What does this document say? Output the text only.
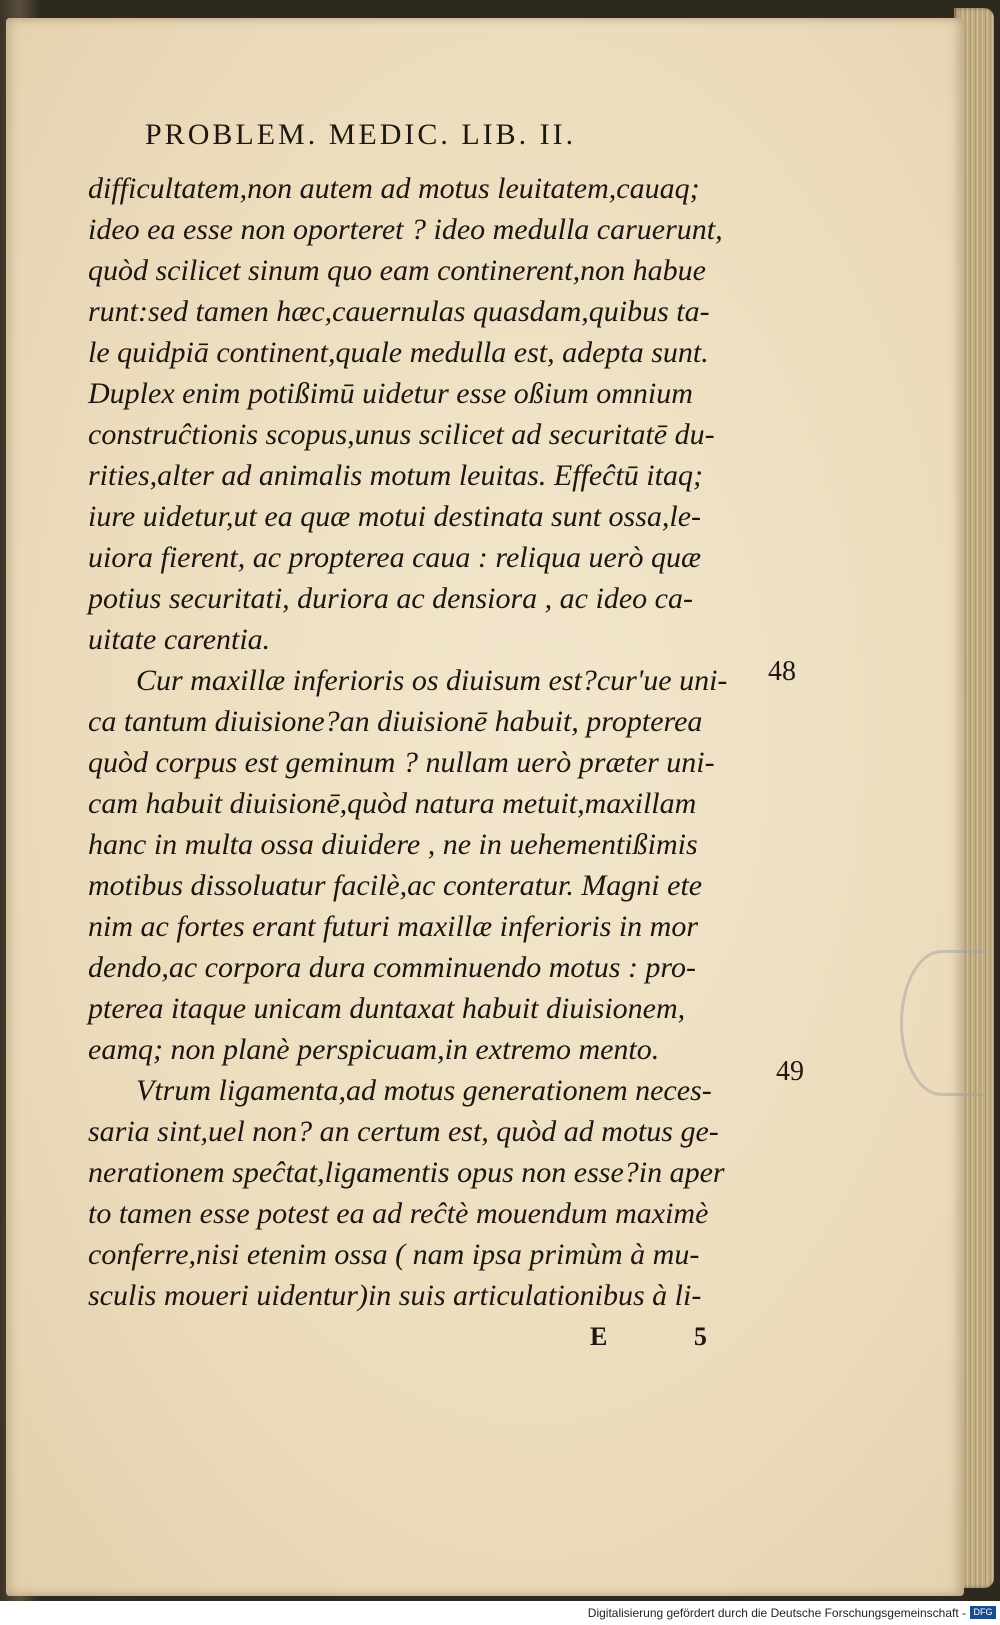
PROBLEM. MEDIC. LIB. II.
difficultatem,non autem ad motus leuitatem,cauaq;
ideo ea esse non oporteret ? ideo medulla caruerunt,
quòd scilicet sinum quo eam continerent,non habue
runt:sed tamen hæc,cauernulas quasdam,quibus ta-
le quidpiā continent,quale medulla est, adepta sunt.
Duplex enim potißimū uidetur esse oßium omnium
construĉtionis scopus,unus scilicet ad securitatē du-
rities,alter ad animalis motum leuitas. Effeĉtū itaq;
iure uidetur,ut ea quæ motui destinata sunt ossa,le-
uiora fierent, ac propterea caua : reliqua uerò quæ
potius securitati, duriora ac densiora , ac ideo ca-
uitate carentia.
Cur maxillæ inferioris os diuisum est?cur'ue uni-
ca tantum diuisione?an diuisionē habuit, propterea
quòd corpus est geminum ? nullam uerò præter uni-
cam habuit diuisionē,quòd natura metuit,maxillam
hanc in multa ossa diuidere , ne in uehementißimis
motibus dissoluatur facilè,ac conteratur. Magni ete
nim ac fortes erant futuri maxillæ inferioris in mor
dendo,ac corpora dura comminuendo motus : pro-
pterea itaque unicam duntaxat habuit diuisionem,
eamq; non planè perspicuam,in extremo mento.
Vtrum ligamenta,ad motus generationem neces-
saria sint,uel non? an certum est, quòd ad motus ge-
nerationem speĉtat,ligamentis opus non esse?in aper
to tamen esse potest ea ad reĉtè mouendum maximè
conferre,nisi etenim ossa ( nam ipsa primùm à mu-
sculis moueri uidentur)in suis articulationibus à li-
48
49
E 5
Digitalisierung gefördert durch die Deutsche Forschungsgemeinschaft - DFG
